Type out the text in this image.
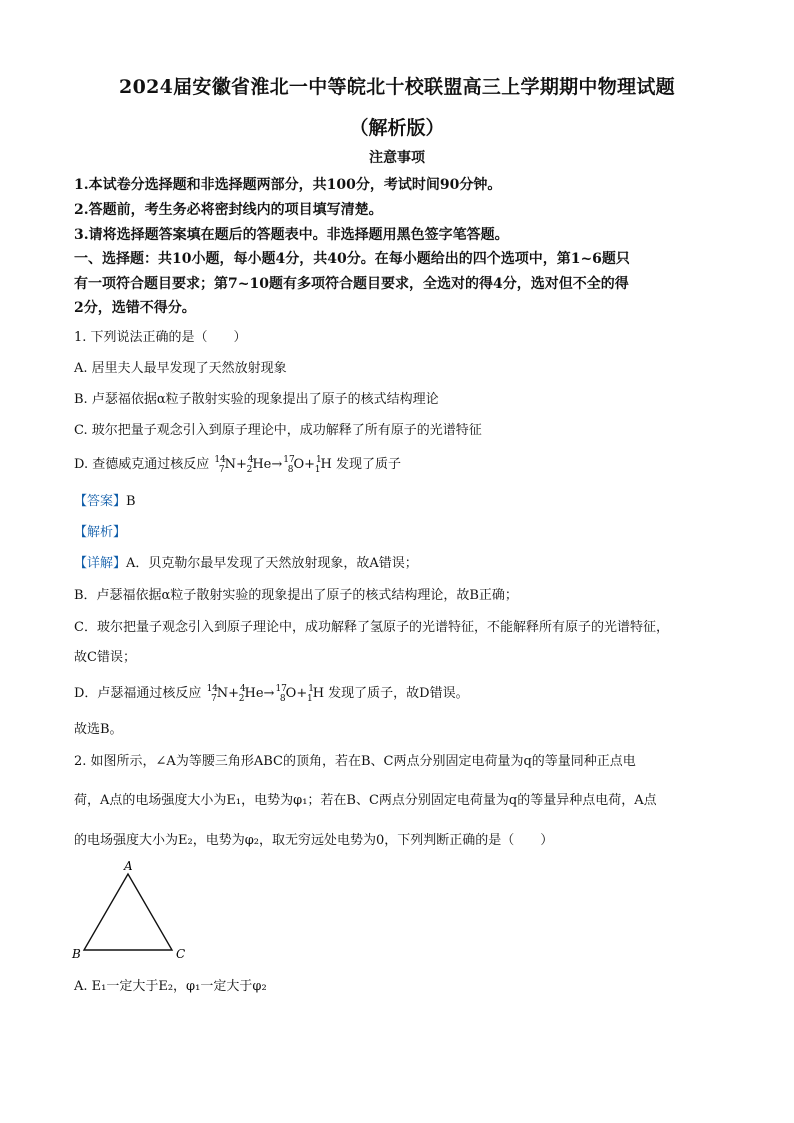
2024届安徽省淮北一中等皖北十校联盟高三上学期期中物理试题
（解析版）
注意事项
1.本试卷分选择题和非选择题两部分，共100分，考试时间90分钟。
2.答题前，考生务必将密封线内的项目填写清楚。
3.请将选择题答案填在题后的答题表中。非选择题用黑色签字笔答题。
一、选择题：共10小题，每小题4分，共40分。在每小题给出的四个选项中，第1~6题只
有一项符合题目要求；第7~10题有多项符合题目要求，全选对的得4分，选对但不全的得
2分，选错不得分。
1. 下列说法正确的是（　　）
A. 居里夫人最早发现了天然放射现象
B. 卢瑟福依据α粒子散射实验的现象提出了原子的核式结构理论
C. 玻尔把量子观念引入到原子理论中，成功解释了所有原子的光谱特征
D. 查德威克通过核反应 $^{14}_7$N+$^4_2$He→$^{17}_8$O+$^1_1$H 发现了质子
【答案】B
【解析】
【详解】A．贝克勒尔最早发现了天然放射现象，故A错误；
B．卢瑟福依据α粒子散射实验的现象提出了原子的核式结构理论，故B正确；
C．玻尔把量子观念引入到原子理论中，成功解释了氢原子的光谱特征，不能解释所有原子的光谱特征，
故C错误；
D．卢瑟福通过核反应 $^{14}_7$N+$^4_2$He→$^{17}_8$O+$^1_1$H 发现了质子，故D错误。
故选B。
2. 如图所示，∠A为等腰三角形ABC的顶角，若在B、C两点分别固定电荷量为q的等量同种正点电
荷，A点的电场强度大小为E₁，电势为φ₁；若在B、C两点分别固定电荷量为q的等量异种点电荷，A点
的电场强度大小为E₂，电势为φ₂，取无穷远处电势为0，下列判断正确的是（　　）
A
B	C
A. E₁一定大于E₂，φ₁一定大于φ₂
